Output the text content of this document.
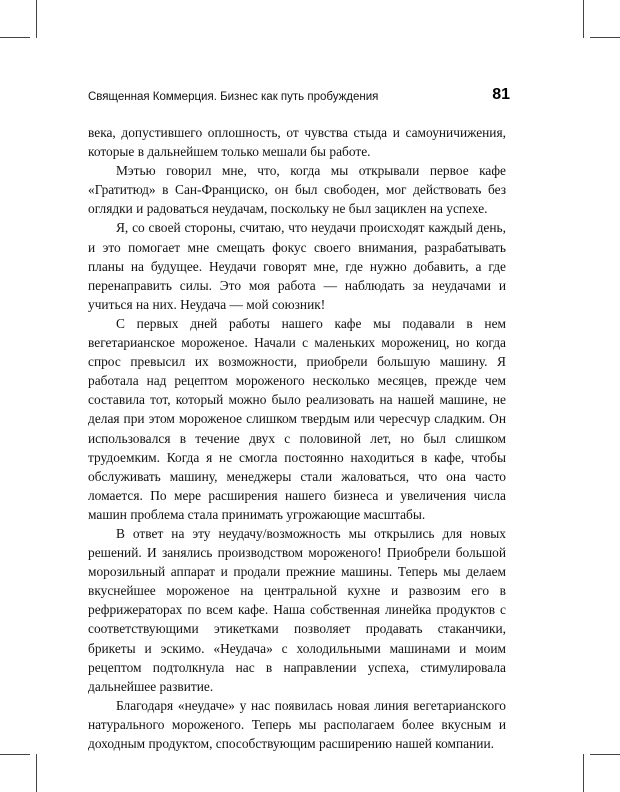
Священная Коммерция. Бизнес как путь пробуждения	81

века, допустившего оплошность, от чувства стыда и самоуничижения, которые в дальнейшем только мешали бы работе.

Мэтью говорил мне, что, когда мы открывали первое кафе «Гратитюд» в Сан-Франциско, он был свободен, мог действовать без оглядки и радоваться неудачам, поскольку не был зациклен на успехе.

Я, со своей стороны, считаю, что неудачи происходят каждый день, и это помогает мне смещать фокус своего внимания, разрабатывать планы на будущее. Неудачи говорят мне, где нужно добавить, а где перенаправить силы. Это моя работа — наблюдать за неудачами и учиться на них. Неудача — мой союзник!

С первых дней работы нашего кафе мы подавали в нем вегетарианское мороженое. Начали с маленьких морожениц, но когда спрос превысил их возможности, приобрели большую машину. Я работала над рецептом мороженого несколько месяцев, прежде чем составила тот, который можно было реализовать на нашей машине, не делая при этом мороженое слишком твердым или чересчур сладким. Он использовался в течение двух с половиной лет, но был слишком трудоемким. Когда я не смогла постоянно находиться в кафе, чтобы обслуживать машину, менеджеры стали жаловаться, что она часто ломается. По мере расширения нашего бизнеса и увеличения числа машин проблема стала принимать угрожающие масштабы.

В ответ на эту неудачу/возможность мы открылись для новых решений. И занялись производством мороженого! Приобрели большой морозильный аппарат и продали прежние машины. Теперь мы делаем вкуснейшее мороженое на центральной кухне и развозим его в рефрижераторах по всем кафе. Наша собственная линейка продуктов с соответствующими этикетками позволяет продавать стаканчики, брикеты и эскимо. «Неудача» с холодильными машинами и моим рецептом подтолкнула нас в направлении успеха, стимулировала дальнейшее развитие.

Благодаря «неудаче» у нас появилась новая линия вегетарианского натурального мороженого. Теперь мы располагаем более вкусным и доходным продуктом, способствующим расширению нашей компании.
